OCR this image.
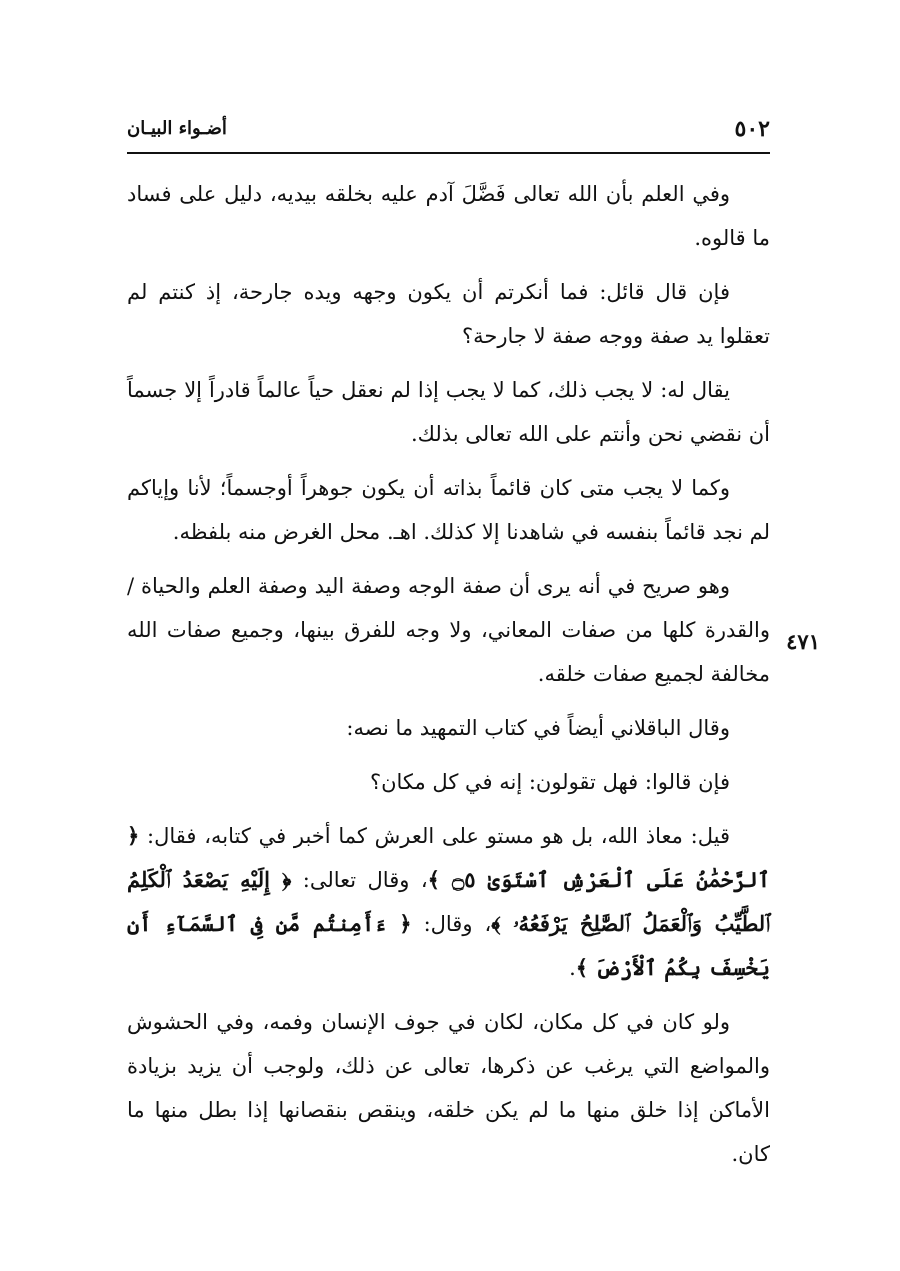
٥٠٢
أضـواء البيـان
٤٧١

وفي العلم بأن الله تعالى فَضَّلَ آدم عليه بخلقه بيديه، دليل على فساد ما قالوه.

فإن قال قائل: فما أنكرتم أن يكون وجهه ويده جارحة، إذ كنتم لم تعقلوا يد صفة ووجه صفة لا جارحة؟

يقال له: لا يجب ذلك، كما لا يجب إذا لم نعقل حياً عالماً قادراً إلا جسماً أن نقضي نحن وأنتم على الله تعالى بذلك.

وكما لا يجب متى كان قائماً بذاته أن يكون جوهراً أوجسماً؛ لأنا وإياكم لم نجد قائماً بنفسه في شاهدنا إلا كذلك. اهـ. محل الغرض منه بلفظه.

وهو صريح في أنه يرى أن صفة الوجه وصفة اليد وصفة العلم والحياة /والقدرة كلها من صفات المعاني، ولا وجه للفرق بينها، وجميع صفات الله مخالفة لجميع صفات خلقه.

وقال الباقلاني أيضاً في كتاب التمهيد ما نصه:

فإن قالوا: فهل تقولون: إنه في كل مكان؟

قيل: معاذ الله، بل هو مستو على العرش كما أخبر في كتابه، فقال: ﴿ ٱلرَّحْمَٰنُ عَلَى ٱلْعَرْشِ ٱسْتَوَىٰ ۝٥ ﴾، وقال تعالى: ﴿ إِلَيْهِ يَصْعَدُ ٱلْكَلِمُ ٱلطَّيِّبُ وَٱلْعَمَلُ ٱلصَّٰلِحُ يَرْفَعُهُۥ ﴾، وقال: ﴿ ءَأَمِنتُم مَّن فِى ٱلسَّمَآءِ أَن يَخْسِفَ بِكُمُ ٱلْأَرْضَ ﴾.

ولو كان في كل مكان، لكان في جوف الإنسان وفمه، وفي الحشوش والمواضع التي يرغب عن ذكرها، تعالى عن ذلك، ولوجب أن يزيد بزيادة الأماكن إذا خلق منها ما لم يكن خلقه، وينقص بنقصانها إذا بطل منها ما كان.
